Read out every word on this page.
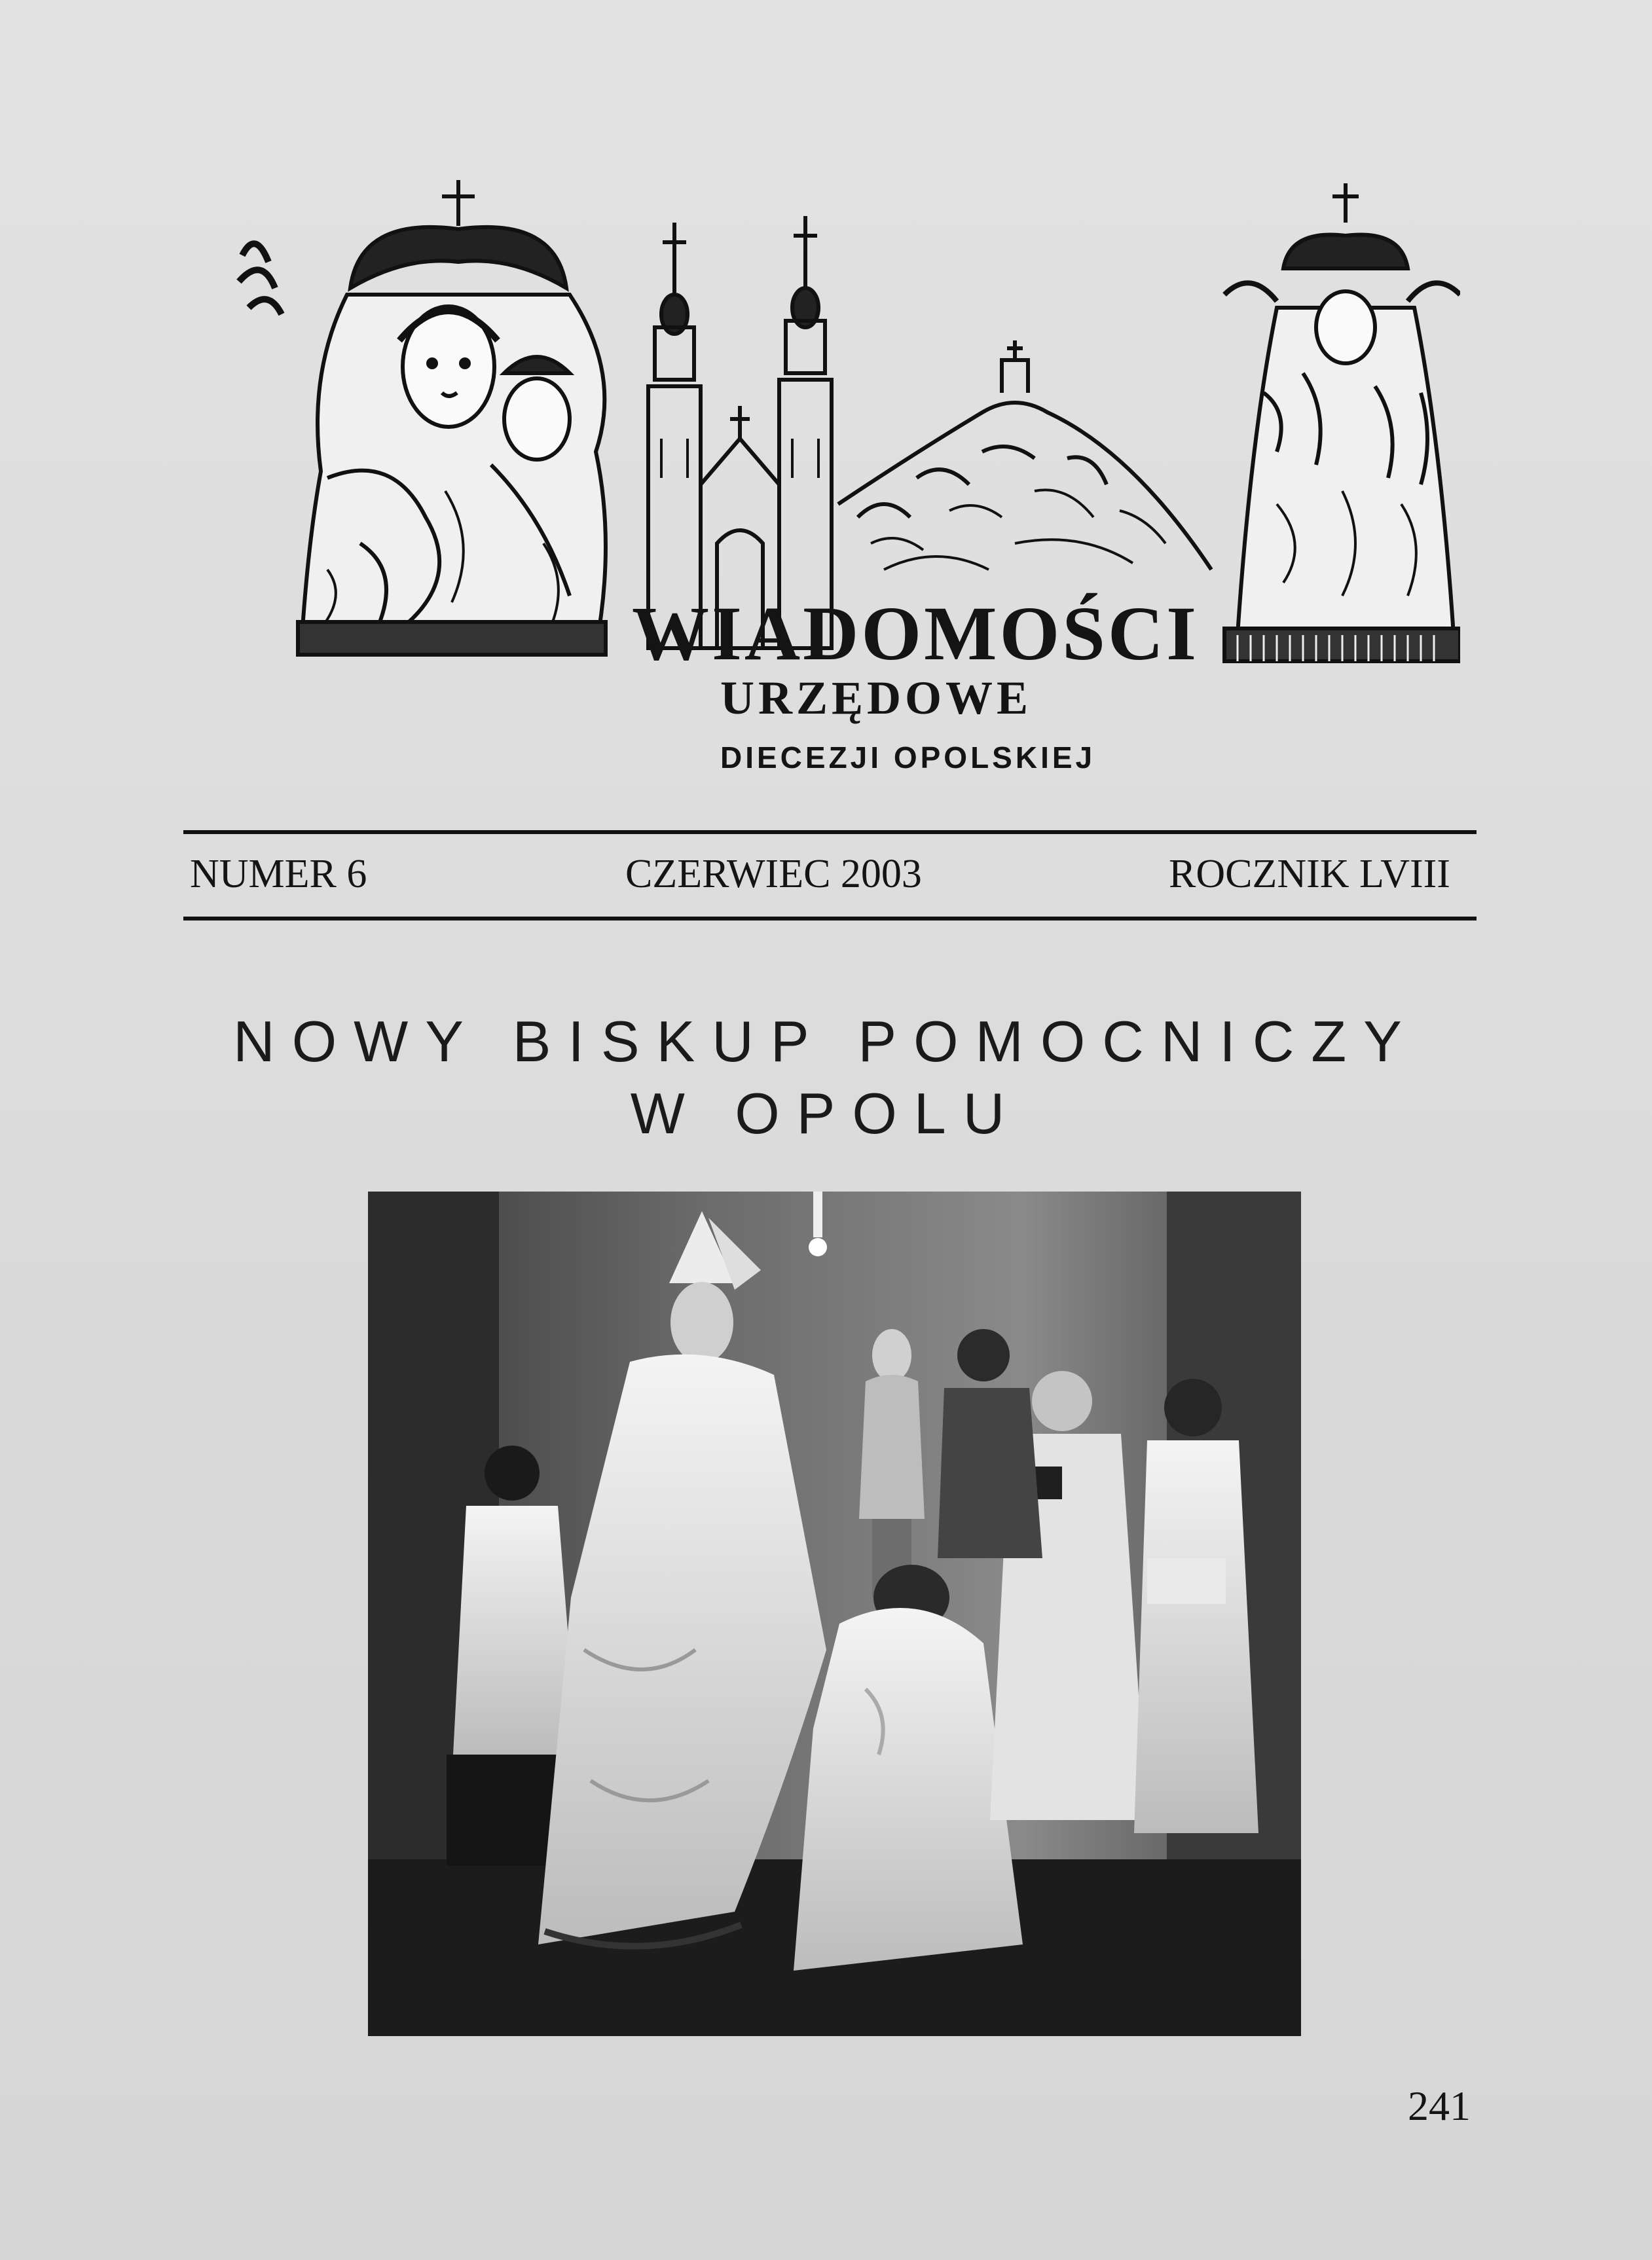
WIADOMOŚCI
URZĘDOWE
DIECEZJI OPOLSKIEJ
NUMER 6	CZERWIEC 2003	ROCZNIK LVIII
NOWY BISKUP POMOCNICZY
W OPOLU
241
